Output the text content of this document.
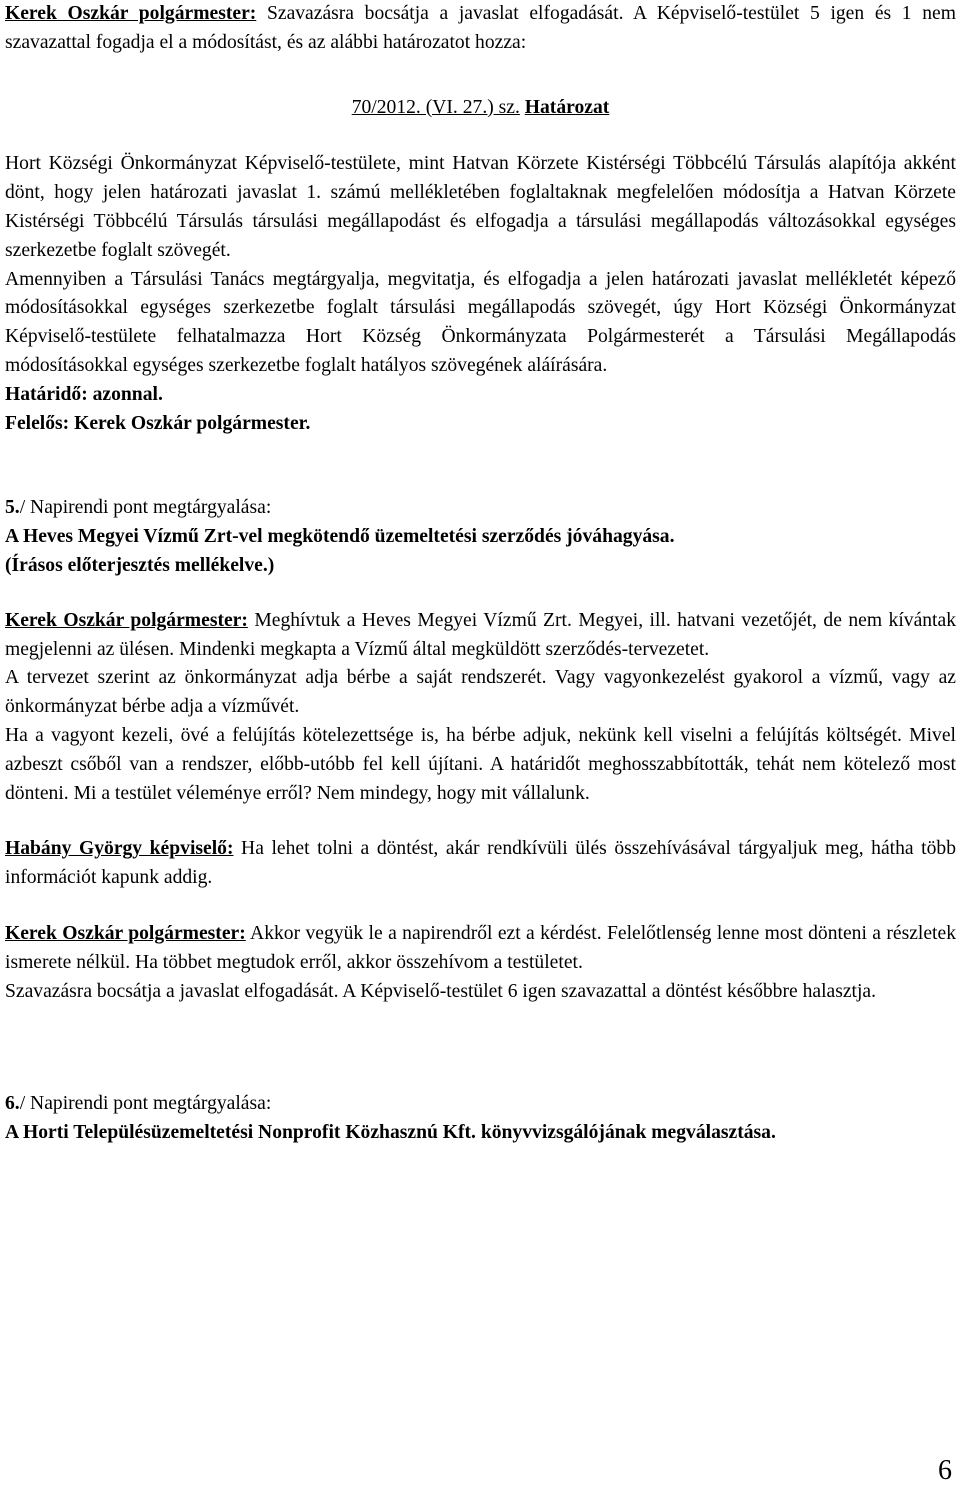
Kerek Oszkár polgármester: Szavazásra bocsátja a javaslat elfogadását. A Képviselő-testület 5 igen és 1 nem szavazattal fogadja el a módosítást, és az alábbi határozatot hozza:

70/2012. (VI. 27.) sz. Határozat

Hort Községi Önkormányzat Képviselő-testülete, mint Hatvan Körzete Kistérségi Többcélú Társulás alapítója akként dönt, hogy jelen határozati javaslat 1. számú mellékletében foglaltaknak megfelelően módosítja a Hatvan Körzete Kistérségi Többcélú Társulás társulási megállapodást és elfogadja a társulási megállapodás változásokkal egységes szerkezetbe foglalt szövegét.

Amennyiben a Társulási Tanács megtárgyalja, megvitatja, és elfogadja a jelen határozati javaslat mellékletét képező módosításokkal egységes szerkezetbe foglalt társulási megállapodás szövegét, úgy Hort Községi Önkormányzat Képviselő-testülete felhatalmazza Hort Község Önkormányzata Polgármesterét a Társulási Megállapodás módosításokkal egységes szerkezetbe foglalt hatályos szövegének aláírására.

Határidő: azonnal.

Felelős: Kerek Oszkár polgármester.

5./ Napirendi pont megtárgyalása:

A Heves Megyei Vízmű Zrt-vel megkötendő üzemeltetési szerződés jóváhagyása.

(Írásos előterjesztés mellékelve.)

Kerek Oszkár polgármester: Meghívtuk a Heves Megyei Vízmű Zrt. Megyei, ill. hatvani vezetőjét, de nem kívántak megjelenni az ülésen. Mindenki megkapta a Vízmű által megküldött szerződés-tervezetet.

A tervezet szerint az önkormányzat adja bérbe a saját rendszerét. Vagy vagyonkezelést gyakorol a vízmű, vagy az önkormányzat bérbe adja a vízművét.

Ha a vagyont kezeli, övé a felújítás kötelezettsége is, ha bérbe adjuk, nekünk kell viselni a felújítás költségét. Mivel azbeszt csőből van a rendszer, előbb-utóbb fel kell újítani. A határidőt meghosszabbították, tehát nem kötelező most dönteni. Mi a testület véleménye erről? Nem mindegy, hogy mit vállalunk.

Habány György képviselő: Ha lehet tolni a döntést, akár rendkívüli ülés összehívásával tárgyaljuk meg, hátha több információt kapunk addig.

Kerek Oszkár polgármester: Akkor vegyük le a napirendről ezt a kérdést. Felelőtlenség lenne most dönteni a részletek ismerete nélkül. Ha többet megtudok erről, akkor összehívom a testületet.

Szavazásra bocsátja a javaslat elfogadását. A Képviselő-testület 6 igen szavazattal a döntést későbbre halasztja.

6./ Napirendi pont megtárgyalása:

A Horti Településüzemeltetési Nonprofit Közhasznú Kft. könyvvizsgálójának megválasztása.

6
